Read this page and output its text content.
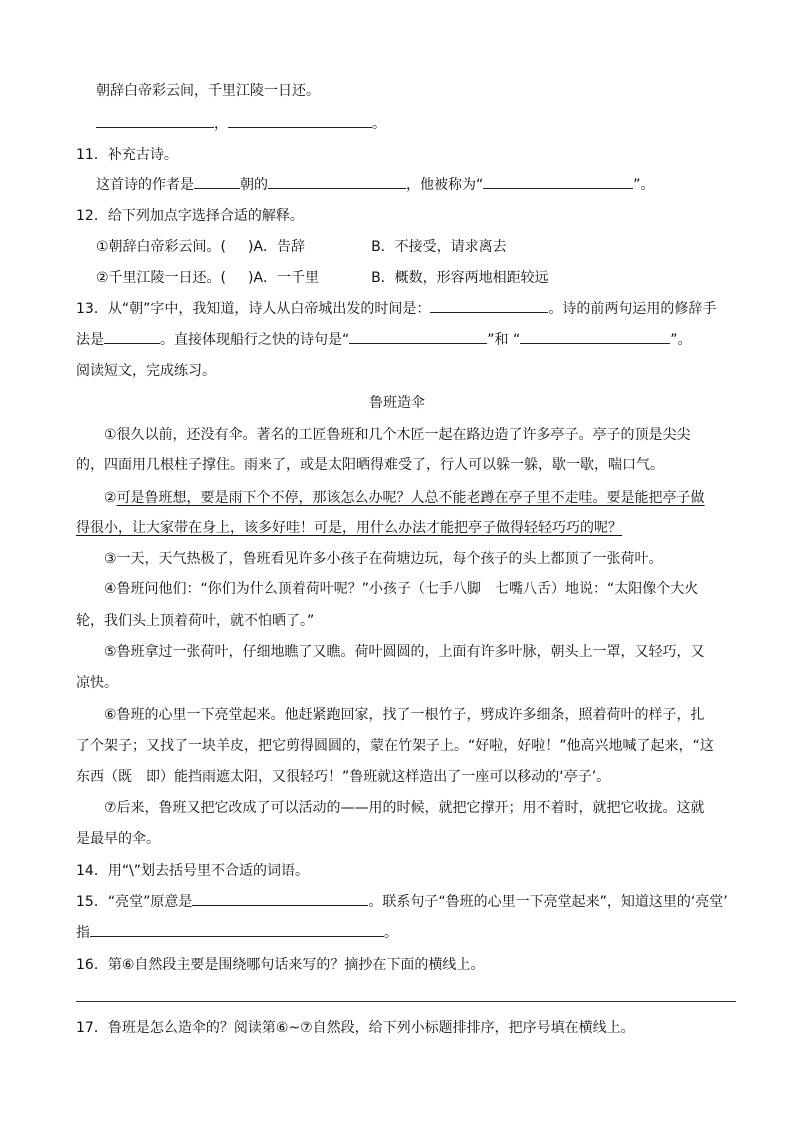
朝辞白帝彩云间，千里江陵一日还。
，	。
11．补充古诗。
这首诗的作者是	朝的	，他被称为“	”。
12．给下列加点字选择合适的解释。
①朝辞白帝彩云间。( )A．告辞	B．不接受，请求离去
②千里江陵一日还。( )A．一千里	B．概数，形容两地相距较远
13．从“朝”字中，我知道，诗人从白帝城出发的时间是：	。诗的前两句运用的修辞手
法是	。直接体现船行之快的诗句是“	”和 “	”。
阅读短文，完成练习。
鲁班造伞
①很久以前，还没有伞。著名的工匠鲁班和几个木匠一起在路边造了许多亭子。亭子的顶是尖尖
的，四面用几根柱子撑住。雨来了，或是太阳晒得难受了，行人可以躲一躲，歇一歇，喘口气。
②可是鲁班想，要是雨下个不停，那该怎么办呢？人总不能老蹲在亭子里不走哇。要是能把亭子做
得很小，让大家带在身上，该多好哇！可是，用什么办法才能把亭子做得轻轻巧巧的呢？
③一天，天气热极了，鲁班看见许多小孩子在荷塘边玩，每个孩子的头上都顶了一张荷叶。
④鲁班问他们：“你们为什么顶着荷叶呢？”小孩子（七手八脚　七嘴八舌）地说：“太阳像个大火
轮，我们头上顶着荷叶，就不怕晒了。”
⑤鲁班拿过一张荷叶，仔细地瞧了又瞧。荷叶圆圆的，上面有许多叶脉，朝头上一罩，又轻巧，又
凉快。
⑥鲁班的心里一下亮堂起来。他赶紧跑回家，找了一根竹子，劈成许多细条，照着荷叶的样子，扎
了个架子；又找了一块羊皮，把它剪得圆圆的，蒙在竹架子上。“好啦，好啦！”他高兴地喊了起来，“这
东西（既　即）能挡雨遮太阳，又很轻巧！”鲁班就这样造出了一座可以移动的‘亭子’。
⑦后来，鲁班又把它改成了可以活动的——用的时候，就把它撑开；用不着时，就把它收拢。这就
是最早的伞。
14．用“\”划去括号里不合适的词语。
15．“亮堂”原意是	。联系句子“鲁班的心里一下亮堂起来”，知道这里的‘亮堂’
指	。
16．第⑥自然段主要是围绕哪句话来写的？摘抄在下面的横线上。
17．鲁班是怎么造伞的？阅读第⑥~⑦自然段，给下列小标题排排序，把序号填在横线上。
